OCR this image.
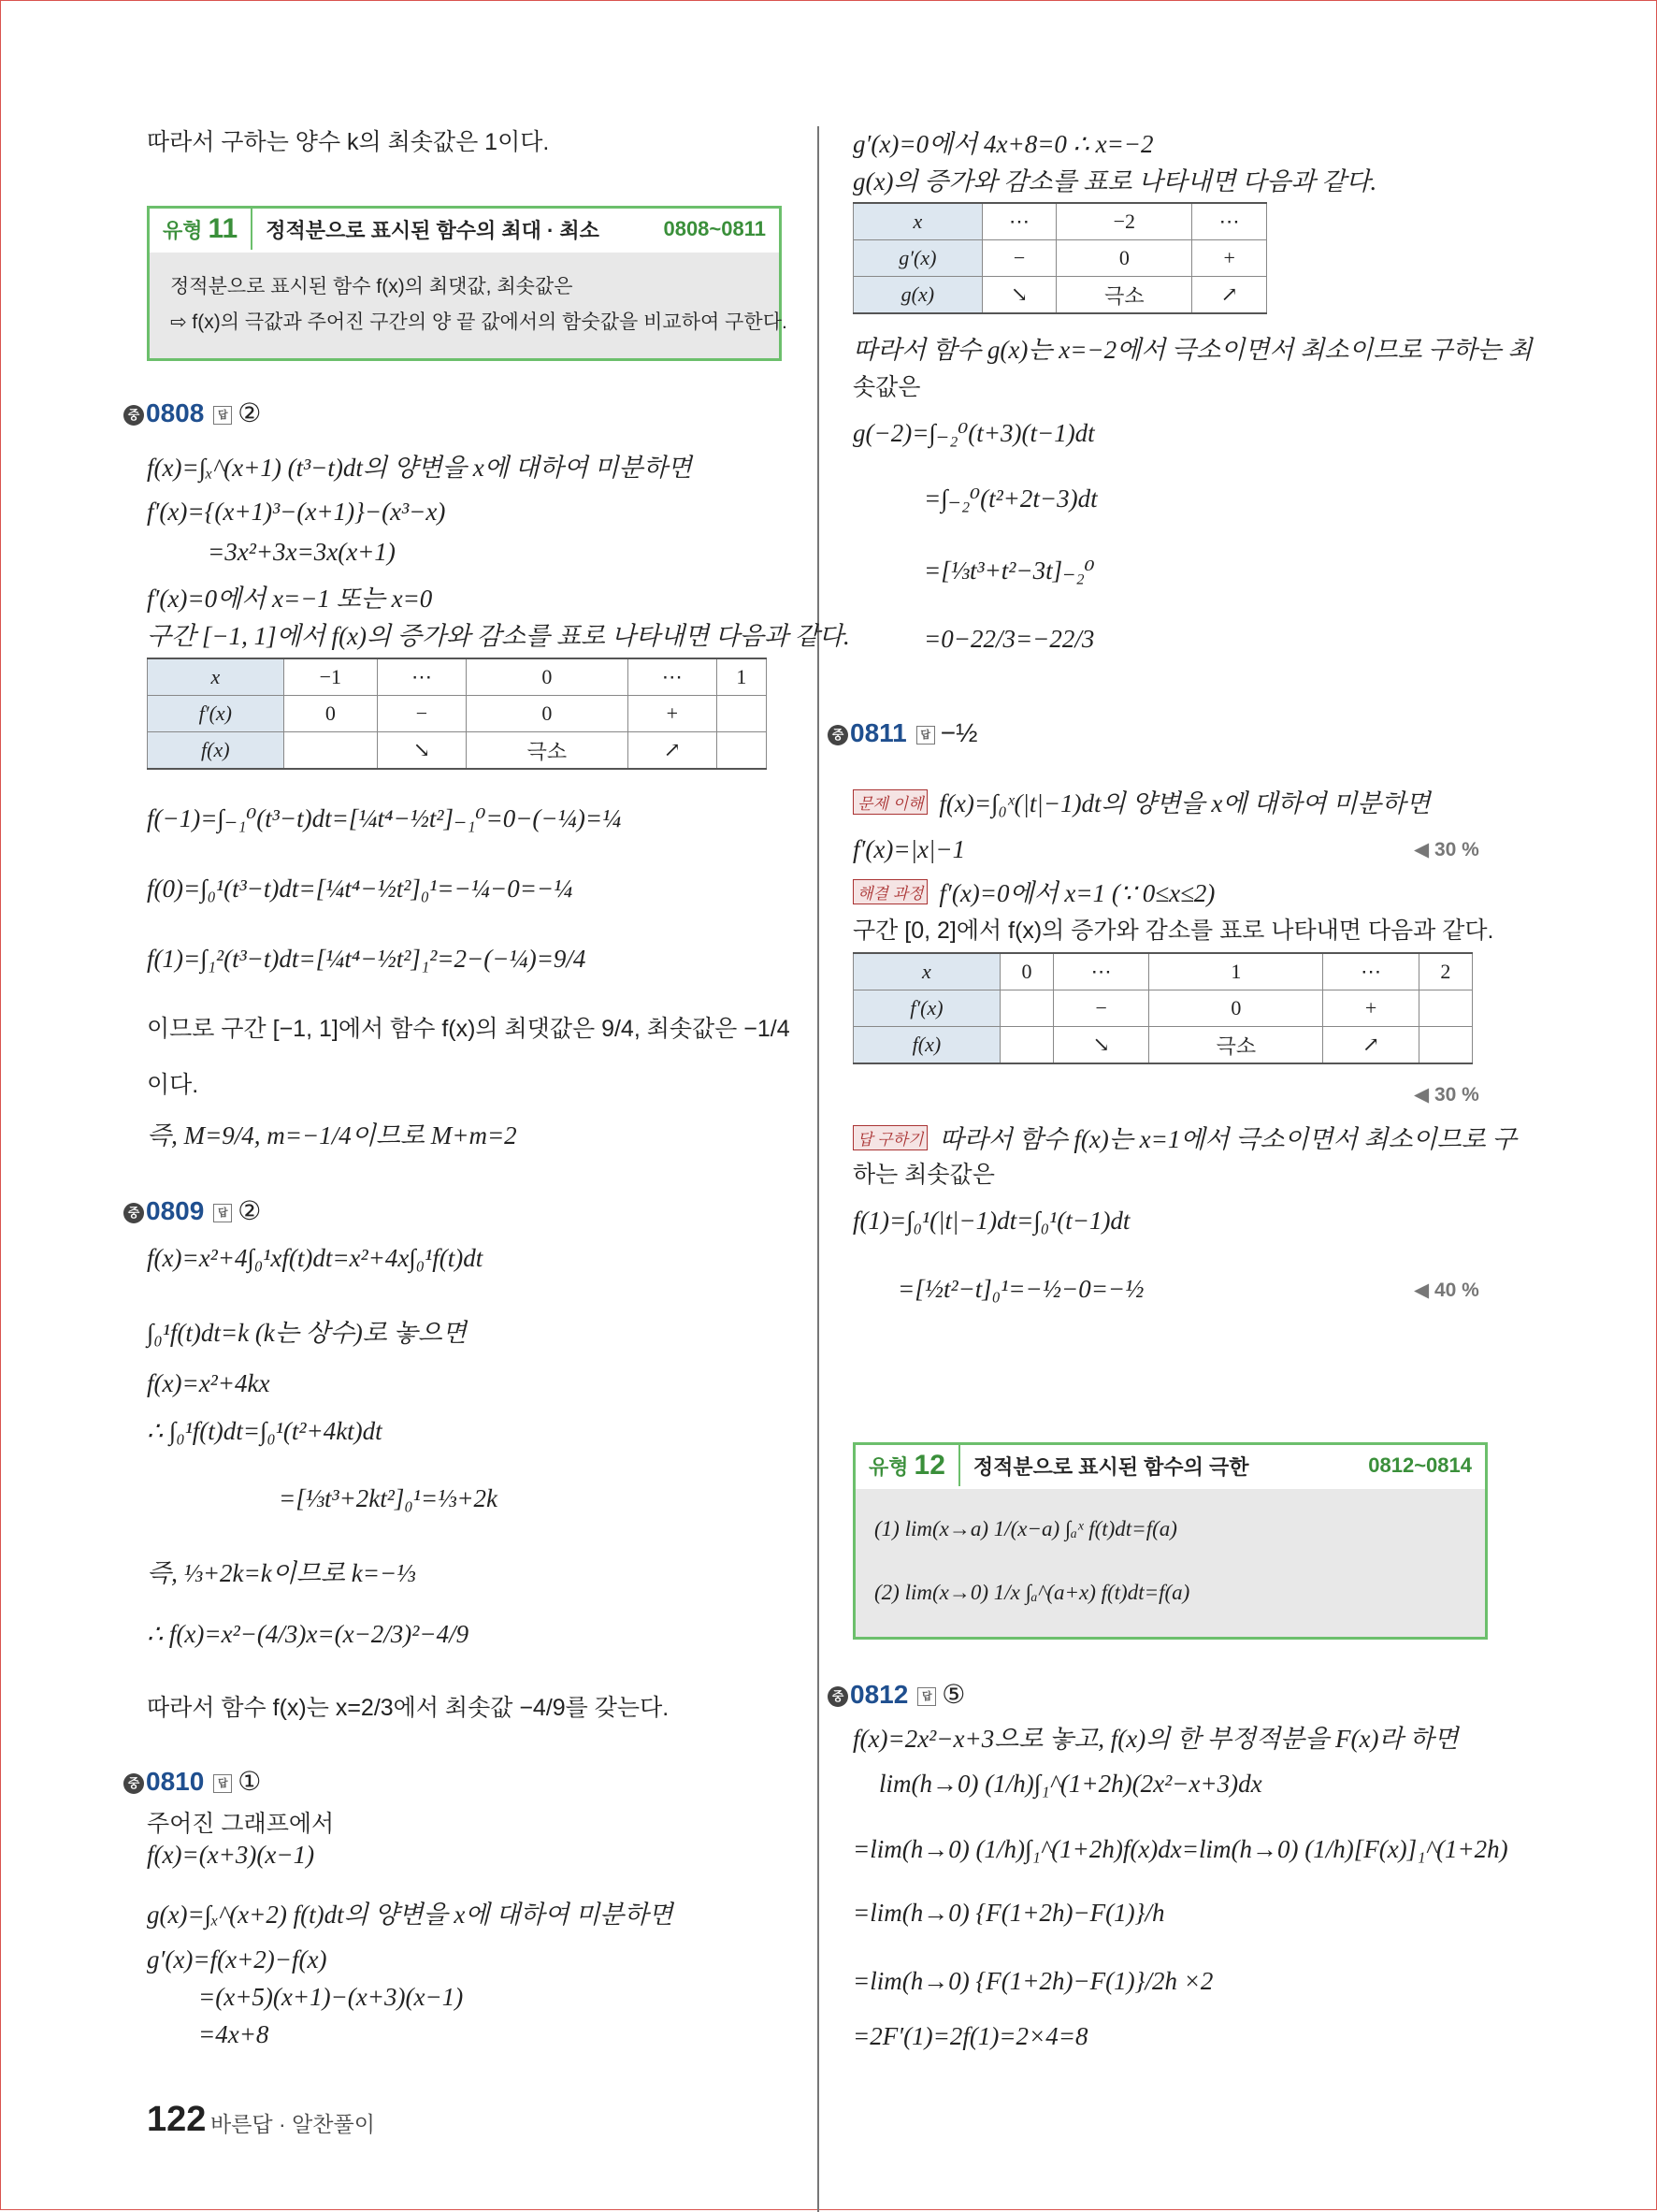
따라서 구하는 양수 k의 최솟값은 1이다.
유형 11	정적분으로 표시된 함수의 최대 · 최소	0808~0811
정적분으로 표시된 함수 f(x)의 최댓값, 최솟값은
⇨ f(x)의 극값과 주어진 구간의 양 끝 값에서의 함숫값을 비교하여 구한다.
중 0808 답 ②
f(x)=∫ₓ^(x+1) (t³−t)dt의 양변을 x에 대하여 미분하면
f′(x)={(x+1)³−(x+1)}−(x³−x)
=3x²+3x=3x(x+1)
f′(x)=0에서 x=−1 또는 x=0
구간 [−1, 1]에서 f(x)의 증가와 감소를 표로 나타내면 다음과 같다.
x	−1	⋯	0	⋯	1
f′(x)	0	−	0	+	
f(x)		↘	극소	↗	
f(−1)=∫₋₁⁰(t³−t)dt=[¼t⁴−½t²]₋₁⁰=0−(−¼)=¼
f(0)=∫₀¹(t³−t)dt=[¼t⁴−½t²]₀¹=−¼−0=−¼
f(1)=∫₁²(t³−t)dt=[¼t⁴−½t²]₁²=2−(−¼)=9/4
이므로 구간 [−1, 1]에서 함수 f(x)의 최댓값은 9/4, 최솟값은 −1/4
이다.
즉, M=9/4, m=−1/4이므로 M+m=2
중 0809 답 ②
f(x)=x²+4∫₀¹xf(t)dt=x²+4x∫₀¹f(t)dt
∫₀¹f(t)dt=k (k는 상수)로 놓으면
f(x)=x²+4kx
∴ ∫₀¹f(t)dt=∫₀¹(t²+4kt)dt
=[⅓t³+2kt²]₀¹=⅓+2k
즉, ⅓+2k=k이므로 k=−⅓
∴ f(x)=x²−(4/3)x=(x−2/3)²−4/9
따라서 함수 f(x)는 x=2/3에서 최솟값 −4/9를 갖는다.
중 0810 답 ①
주어진 그래프에서
f(x)=(x+3)(x−1)
g(x)=∫ₓ^(x+2) f(t)dt의 양변을 x에 대하여 미분하면
g′(x)=f(x+2)−f(x)
=(x+5)(x+1)−(x+3)(x−1)
=4x+8
122 바른답 · 알찬풀이
g′(x)=0에서 4x+8=0 ∴ x=−2
g(x)의 증가와 감소를 표로 나타내면 다음과 같다.
x	⋯	−2	⋯
g′(x)	−	0	+
g(x)	↘	극소	↗
따라서 함수 g(x)는 x=−2에서 극소이면서 최소이므로 구하는 최
솟값은
g(−2)=∫₋₂⁰(t+3)(t−1)dt
=∫₋₂⁰(t²+2t−3)dt
=[⅓t³+t²−3t]₋₂⁰
=0−22/3=−22/3
중 0811 답 −½
문제 이해 f(x)=∫₀ˣ(|t|−1)dt의 양변을 x에 대하여 미분하면
f′(x)=|x|−1	◀ 30 %
해결 과정 f′(x)=0에서 x=1 (∵ 0≤x≤2)
구간 [0, 2]에서 f(x)의 증가와 감소를 표로 나타내면 다음과 같다.
x	0	⋯	1	⋯	2
f′(x)		−	0	+	
f(x)		↘	극소	↗	
◀ 30 %
답 구하기 따라서 함수 f(x)는 x=1에서 극소이면서 최소이므로 구
하는 최솟값은
f(1)=∫₀¹(|t|−1)dt=∫₀¹(t−1)dt
=[½t²−t]₀¹=−½−0=−½	◀ 40 %
유형 12	정적분으로 표시된 함수의 극한	0812~0814
(1) lim(x→a) 1/(x−a) ∫ₐˣ f(t)dt=f(a)
(2) lim(x→0) 1/x ∫ₐ^(a+x) f(t)dt=f(a)
중 0812 답 ⑤
f(x)=2x²−x+3으로 놓고, f(x)의 한 부정적분을 F(x)라 하면
lim(h→0) (1/h)∫₁^(1+2h)(2x²−x+3)dx
=lim(h→0) (1/h)∫₁^(1+2h)f(x)dx=lim(h→0) (1/h)[F(x)]₁^(1+2h)
=lim(h→0) {F(1+2h)−F(1)}/h
=lim(h→0) {F(1+2h)−F(1)}/2h ×2
=2F′(1)=2f(1)=2×4=8
